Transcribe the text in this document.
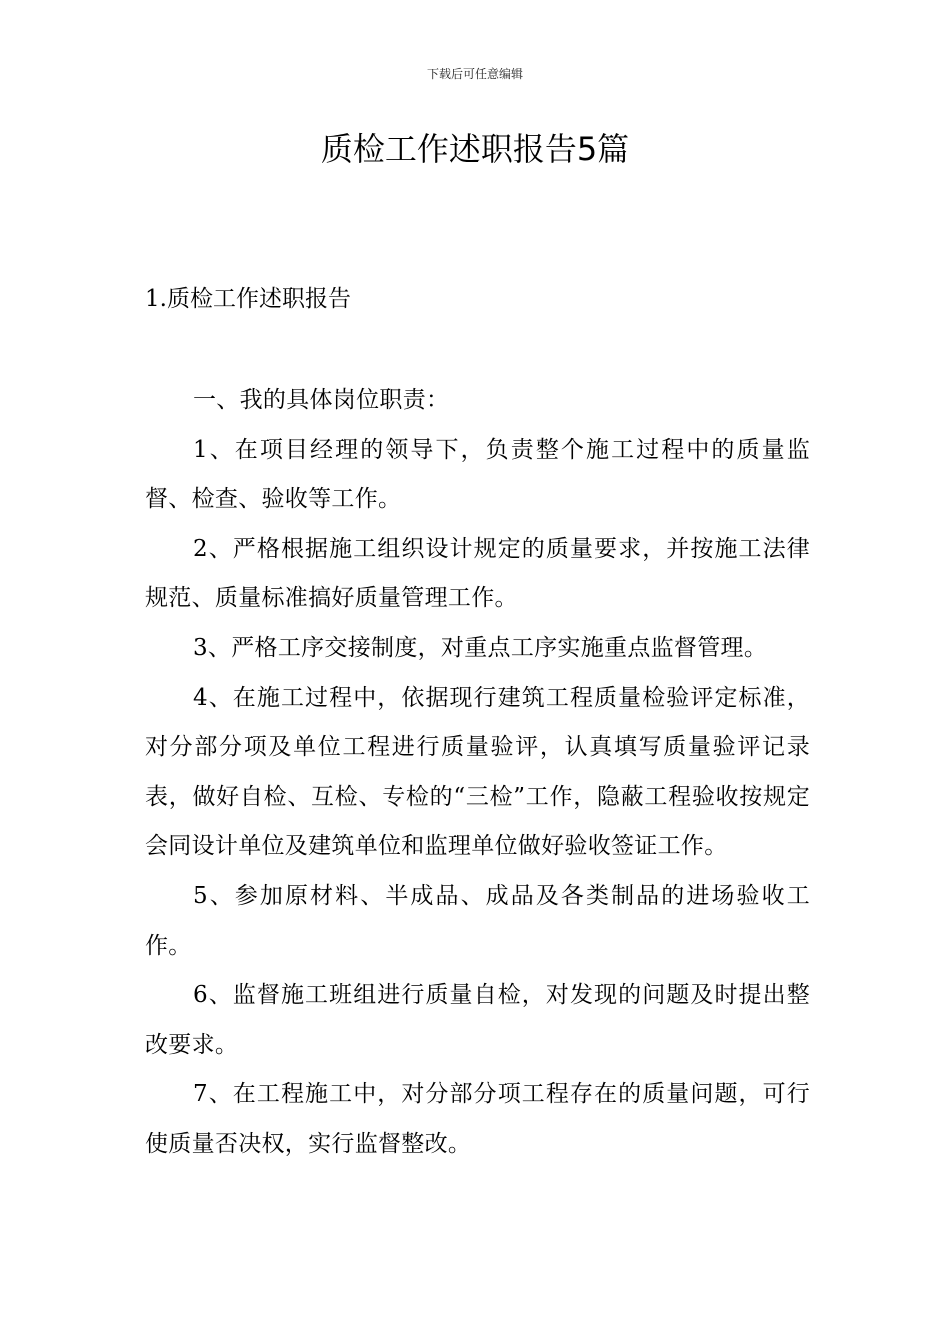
下载后可任意编辑
质检工作述职报告5篇
1.质检工作述职报告

一、我的具体岗位职责：

1、在项目经理的领导下，负责整个施工过程中的质量监督、检查、验收等工作。

2、严格根据施工组织设计规定的质量要求，并按施工法律规范、质量标准搞好质量管理工作。

3、严格工序交接制度，对重点工序实施重点监督管理。

4、在施工过程中，依据现行建筑工程质量检验评定标准，对分部分项及单位工程进行质量验评，认真填写质量验评记录表，做好自检、互检、专检的“三检”工作，隐蔽工程验收按规定会同设计单位及建筑单位和监理单位做好验收签证工作。

5、参加原材料、半成品、成品及各类制品的进场验收工作。

6、监督施工班组进行质量自检，对发现的问题及时提出整改要求。

7、在工程施工中，对分部分项工程存在的质量问题，可行使质量否决权，实行监督整改。
